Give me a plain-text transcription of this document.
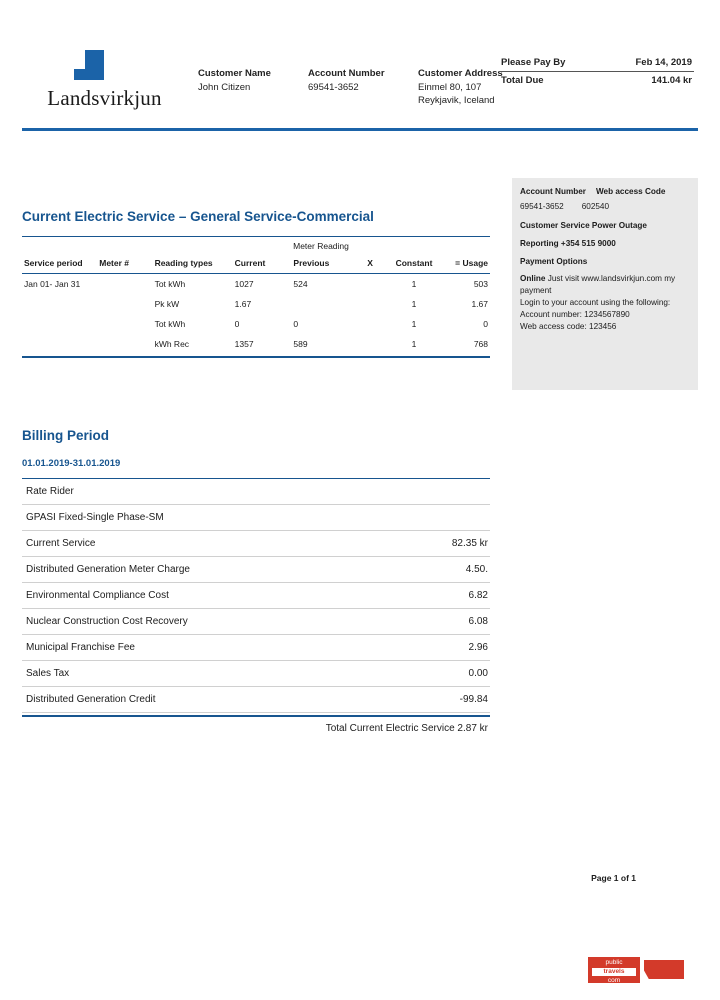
Landsvirkjun
Customer Name
John Citizen
Account Number
69541-3652
Customer Address
Einmel 80, 107 Reykjavik, Iceland
Please Pay By	Feb 14, 2019
Total Due	141.04 kr
Current Electric Service – General Service-Commercial
Meter Reading
Service period	Meter #	Reading types	Current	Previous	X	Constant	= Usage
Jan 01- Jan 31		Tot kWh	1027	524		1	503
		Pk kW	1.67			1	1.67
		Tot kWh	0	0		1	0
		kWh Rec	1357	589		1	768
Account Number Web access Code
69541-3652 602540
Customer Service Power Outage
Reporting +354 515 9000
Payment Options
Online Just visit www.landsvirkjun.com my payment
Login to your account using the following:
Account number: 1234567890
Web access code: 123456
Billing Period
01.01.2019-31.01.2019
Rate Rider
GPASI Fixed-Single Phase-SM
Current Service	82.35 kr
Distributed Generation Meter Charge	4.50.
Environmental Compliance Cost	6.82
Nuclear Construction Cost Recovery	6.08
Municipal Franchise Fee	2.96
Sales Tax	0.00
Distributed Generation Credit	-99.84
Total Current Electric Service 2.87 kr
Page 1 of 1
public
travels
com
